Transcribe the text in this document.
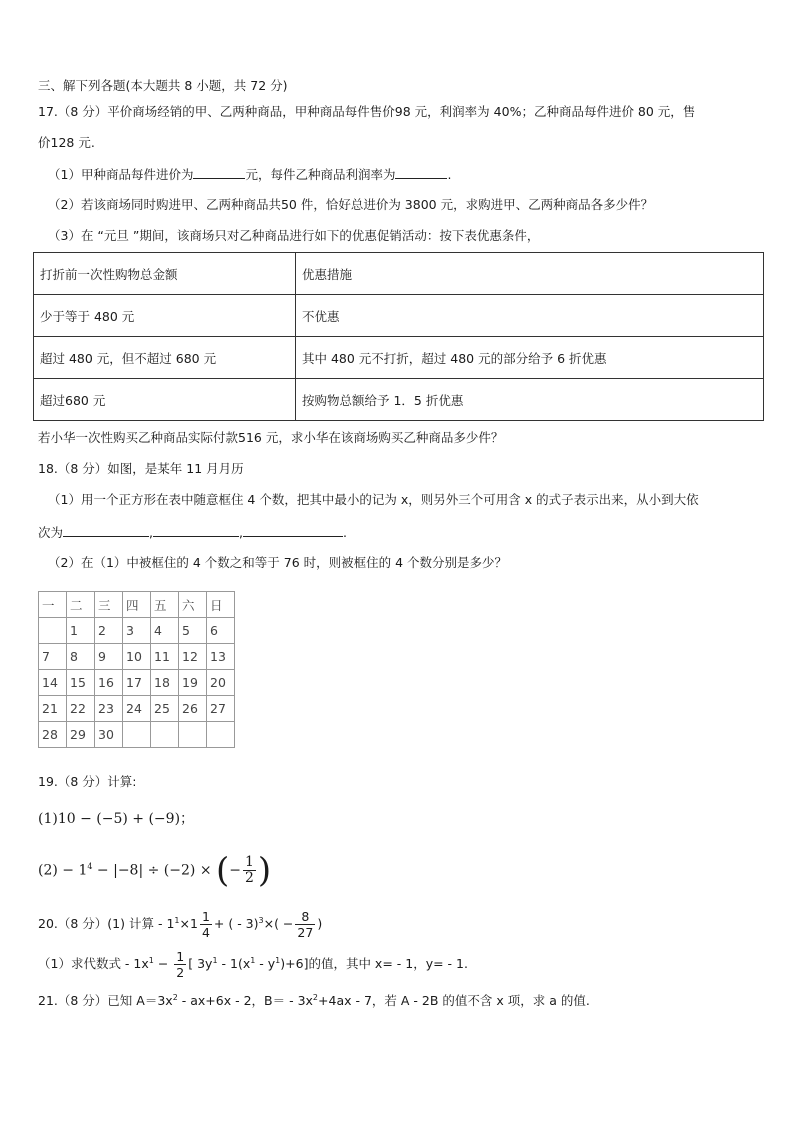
三、解下列各题(本大题共 8 小题，共 72 分)
17.（8 分）平价商场经销的甲、乙两种商品，甲种商品每件售价98 元，利润率为 40%；乙种商品每件进价 80 元，售
价128 元.
（1）甲种商品每件进价为	元，每件乙种商品利润率为	.
（2）若该商场同时购进甲、乙两种商品共50 件，恰好总进价为 3800 元，求购进甲、乙两种商品各多少件？
（3）在 “元旦 ”期间，该商场只对乙种商品进行如下的优惠促销活动：按下表优惠条件，
打折前一次性购物总金额	优惠措施
少于等于 480 元	不优惠
超过 480 元，但不超过 680 元	其中 480 元不打折，超过 480 元的部分给予 6 折优惠
超过680 元	按购物总额给予 1．5 折优惠
若小华一次性购买乙种商品实际付款516 元，求小华在该商场购买乙种商品多少件？
18.（8 分）如图，是某年 11 月月历
（1）用一个正方形在表中随意框住 4 个数，把其中最小的记为 x，则另外三个可用含 x 的式子表示出来，从小到大依
次为	,	,	.
（2）在（1）中被框住的 4 个数之和等于 76 时，则被框住的 4 个数分别是多少？
一	二	三	四	五	六	日
	1	2	3	4	5	6
7	8	9	10	11	12	13
14	15	16	17	18	19	20
21	22	23	24	25	26	27
28	29	30				
19.（8 分）计算:
(1)10 − (−5) + (−9)；
$(2) - 1^4 - |-8| \div (-2)$ × (− $\frac{1}{2}$ )
20.（8 分）(1) 计算 - $1^1\times 1 \frac{1}{4}$ + ( - $3)^3\times( - \frac{8}{27}$ )
（1）求代数式 - $1x^1 - \frac{1}{2}$ [ $3y^1 - 1(x^1 - y^1)+6$]的值，其中 x= - 1，y= - 1.
21.（8 分）已知 $A=3x^2 - ax+6x - 2$，$B= - 3x^2+4ax - 7$，若 A - 2B 的值不含 x 项，求 a 的值.
